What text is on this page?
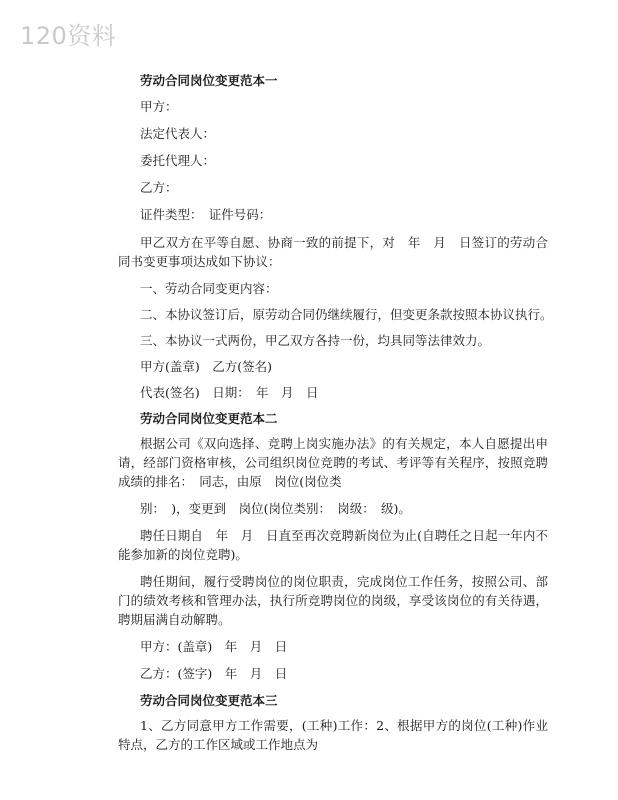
120资料
劳动合同岗位变更范本一
甲方：
法定代表人：
委托代理人：
乙方：
证件类型：　证件号码：
甲乙双方在平等自愿、协商一致的前提下，对　年　月　日签订的劳动合同书变更事项达成如下协议：
一、劳动合同变更内容：
二、本协议签订后，原劳动合同仍继续履行，但变更条款按照本协议执行。
三、本协议一式两份，甲乙双方各持一份，均具同等法律效力。
甲方(盖章)　乙方(签名)
代表(签名)　日期：　年　月　日
劳动合同岗位变更范本二
根据公司《双向选择、竞聘上岗实施办法》的有关规定，本人自愿提出申请，经部门资格审核，公司组织岗位竞聘的考试、考评等有关程序，按照竞聘成绩的排名：　同志，由原　岗位(岗位类
别：　)，变更到　岗位(岗位类别：　岗级：　级)。
聘任日期自　年　月　日直至再次竞聘新岗位为止(自聘任之日起一年内不能参加新的岗位竞聘)。
聘任期间，履行受聘岗位的岗位职责，完成岗位工作任务，按照公司、部门的绩效考核和管理办法，执行所竞聘岗位的岗级，享受该岗位的有关待遇，聘期届满自动解聘。
甲方：(盖章)　年　月　日
乙方：(签字)　年　月　日
劳动合同岗位变更范本三
1、乙方同意甲方工作需要，(工种)工作：2、根据甲方的岗位(工种)作业特点，乙方的工作区域或工作地点为
